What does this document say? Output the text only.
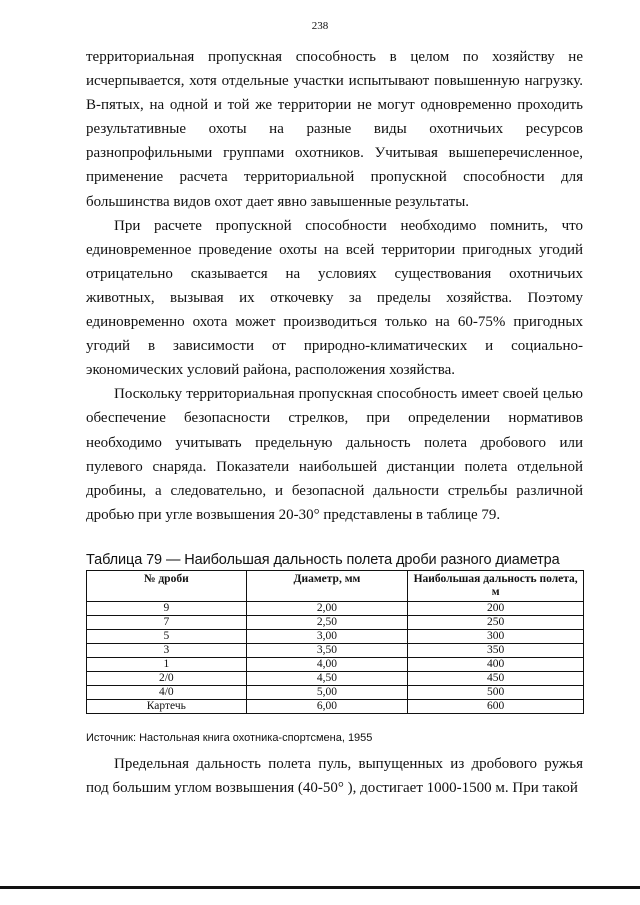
238

территориальная пропускная способность в целом по хозяйству не исчерпывается, хотя отдельные участки испытывают повышенную нагрузку. В-пятых, на одной и той же территории не могут одновременно проходить результативные охоты на разные виды охотничьих ресурсов разнопрофильными группами охотников. Учитывая вышеперечисленное, применение расчета территориальной пропускной способности для большинства видов охот дает явно завышенные результаты.

При расчете пропускной способности необходимо помнить, что единовременное проведение охоты на всей территории пригодных угодий отрицательно сказывается на условиях существования охотничьих животных, вызывая их откочевку за пределы хозяйства. Поэтому единовременно охота может производиться только на 60-75% пригодных угодий в зависимости от природно-климатических и социально-экономических условий района, расположения хозяйства.

Поскольку территориальная пропускная способность имеет своей целью обеспечение безопасности стрелков, при определении нормативов необходимо учитывать предельную дальность полета дробового или пулевого снаряда. Показатели наибольшей дистанции полета отдельной дробины, а следовательно, и безопасной дальности стрельбы различной дробью при угле возвышения 20-30° представлены в таблице 79.

Таблица 79 — Наибольшая дальность полета дроби разного диаметра
№ дроби	Диаметр, мм	Наибольшая дальность полета, м
9	2,00	200
7	2,50	250
5	3,00	300
3	3,50	350
1	4,00	400
2/0	4,50	450
4/0	5,00	500
Картечь	6,00	600
Источник: Настольная книга охотника-спортсмена, 1955

Предельная дальность полета пуль, выпущенных из дробового ружья под большим углом возвышения (40-50° ), достигает 1000-1500 м. При такой
